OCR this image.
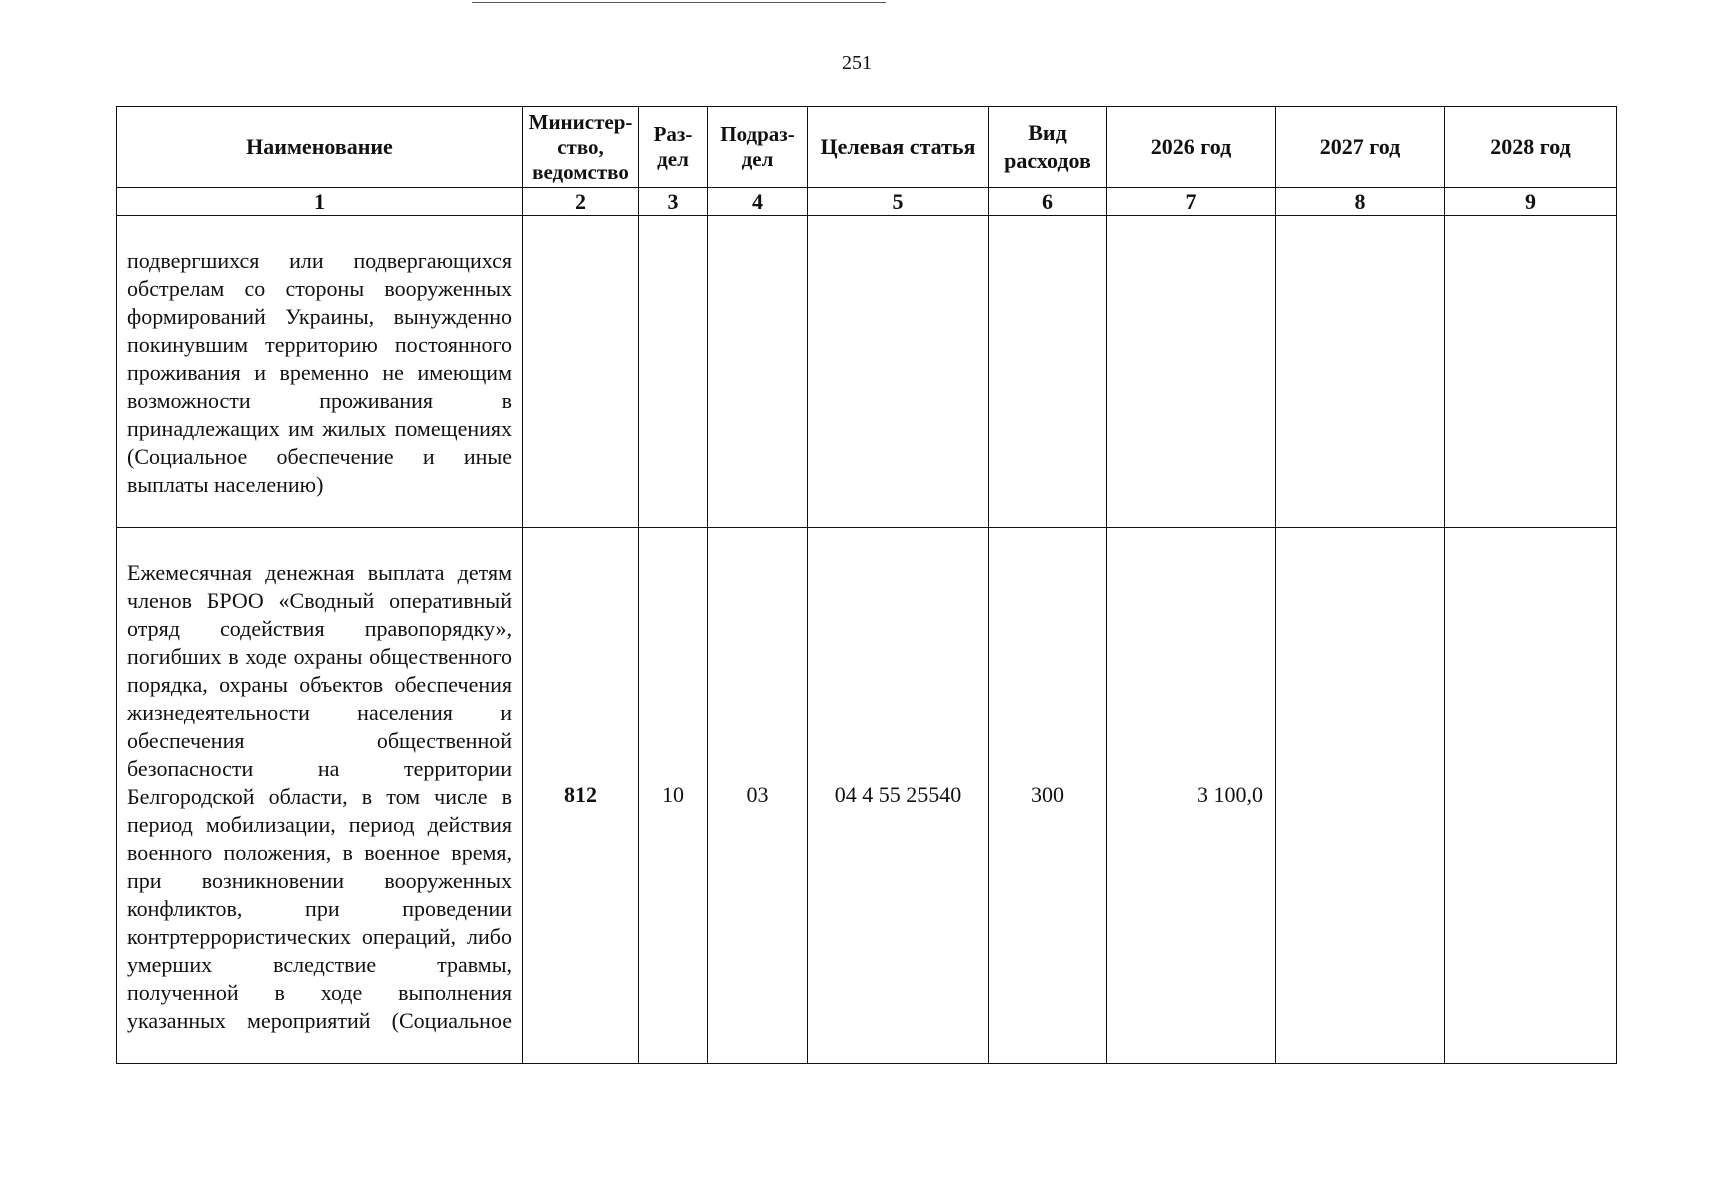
251
Наименование	Министер-ство, ведомство	Раз-дел	Подраз-дел	Целевая статья	Вид расходов	2026 год	2027 год	2028 год
1	2	3	4	5	6	7	8	9
подвергшихся или подвергающихся обстрелам со стороны вооруженных формирований Украины, вынужденно покинувшим территорию постоянного проживания и временно не имеющим возможности проживания в принадлежащих им жилых помещениях (Социальное обеспечение и иные выплаты населению)								
Ежемесячная денежная выплата детям членов БРОО «Сводный оперативный отряд содействия правопорядку», погибших в ходе охраны общественного порядка, охраны объектов обеспечения жизнедеятельности населения и обеспечения общественной безопасности на территории Белгородской области, в том числе в период мобилизации, период действия военного положения, в военное время, при возникновении вооруженных конфликтов, при проведении контртеррористических операций, либо умерших вследствие травмы, полученной в ходе выполнения указанных мероприятий (Социальное	812	10	03	04 4 55 25540	300	3 100,0		
